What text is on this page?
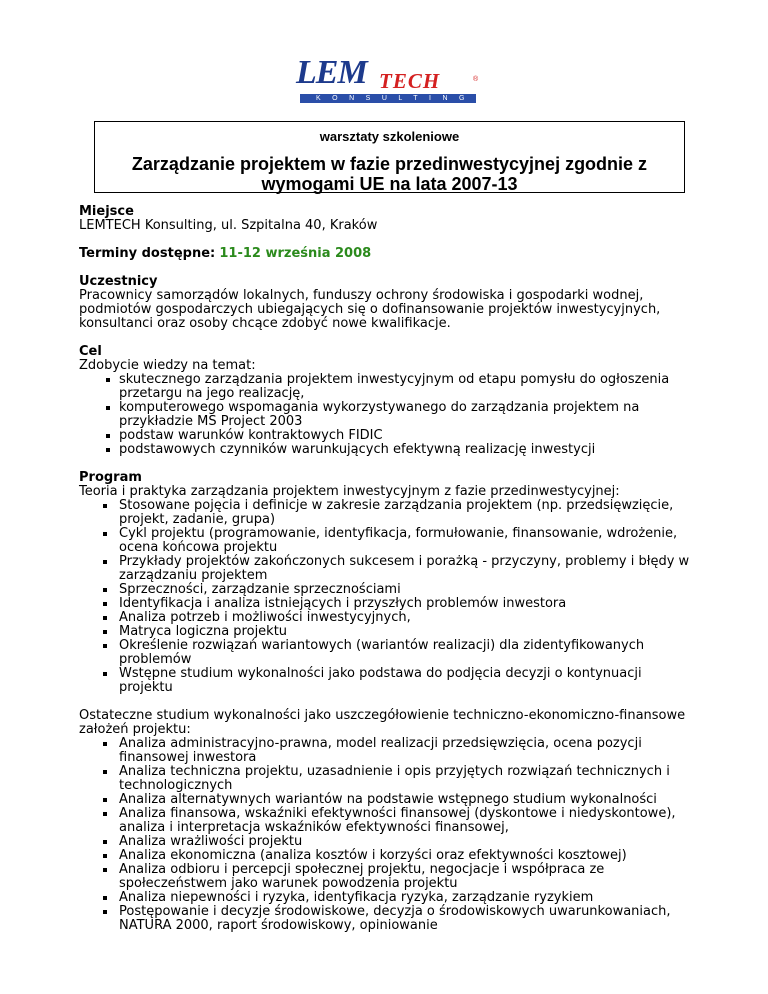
LEM TECH	®
KONSULTING
warsztaty szkoleniowe
Zarządzanie projektem w fazie przedinwestycyjnej zgodnie z
wymogami UE na lata 2007-13
Miejsce
LEMTECH Konsulting, ul. Szpitalna 40, Kraków
Terminy dostępne: 11-12 września 2008
Uczestnicy
Pracownicy samorządów lokalnych, funduszy ochrony środowiska i gospodarki wodnej, podmiotów gospodarczych ubiegających się o dofinansowanie projektów inwestycyjnych, konsultanci oraz osoby chcące zdobyć nowe kwalifikacje.
Cel
Zdobycie wiedzy na temat:
skutecznego zarządzania projektem inwestycyjnym od etapu pomysłu do ogłoszenia przetargu na jego realizację,
komputerowego wspomagania wykorzystywanego do zarządzania projektem na przykładzie MS Project 2003
podstaw warunków kontraktowych FIDIC
podstawowych czynników warunkujących efektywną realizację inwestycji
Program
Teoria i praktyka zarządzania projektem inwestycyjnym z fazie przedinwestycyjnej:
Stosowane pojęcia i definicje w zakresie zarządzania projektem (np. przedsięwzięcie, projekt, zadanie, grupa)
Cykl projektu (programowanie, identyfikacja, formułowanie, finansowanie, wdrożenie, ocena końcowa projektu
Przykłady projektów zakończonych sukcesem i porażką - przyczyny, problemy i błędy w zarządzaniu projektem
Sprzeczności, zarządzanie sprzecznościami
Identyfikacja i analiza istniejących i przyszłych problemów inwestora
Analiza potrzeb i możliwości inwestycyjnych,
Matryca logiczna projektu
Określenie rozwiązań wariantowych (wariantów realizacji) dla zidentyfikowanych problemów
Wstępne studium wykonalności jako podstawa do podjęcia decyzji o kontynuacji projektu
Ostateczne studium wykonalności jako uszczegółowienie techniczno-ekonomiczno-finansowe założeń projektu:
Analiza administracyjno-prawna, model realizacji przedsięwzięcia, ocena pozycji finansowej inwestora
Analiza techniczna projektu, uzasadnienie i opis przyjętych rozwiązań technicznych i technologicznych
Analiza alternatywnych wariantów na podstawie wstępnego studium wykonalności
Analiza finansowa, wskaźniki efektywności finansowej (dyskontowe i niedyskontowe), analiza i interpretacja wskaźników efektywności finansowej,
Analiza wrażliwości projektu
Analiza ekonomiczna (analiza kosztów i korzyści oraz efektywności kosztowej)
Analiza odbioru i percepcji społecznej projektu, negocjacje i współpraca ze społeczeństwem jako warunek powodzenia projektu
Analiza niepewności i ryzyka, identyfikacja ryzyka, zarządzanie ryzykiem
Postępowanie i decyzje środowiskowe, decyzja o środowiskowych uwarunkowaniach, NATURA 2000, raport środowiskowy, opiniowanie
